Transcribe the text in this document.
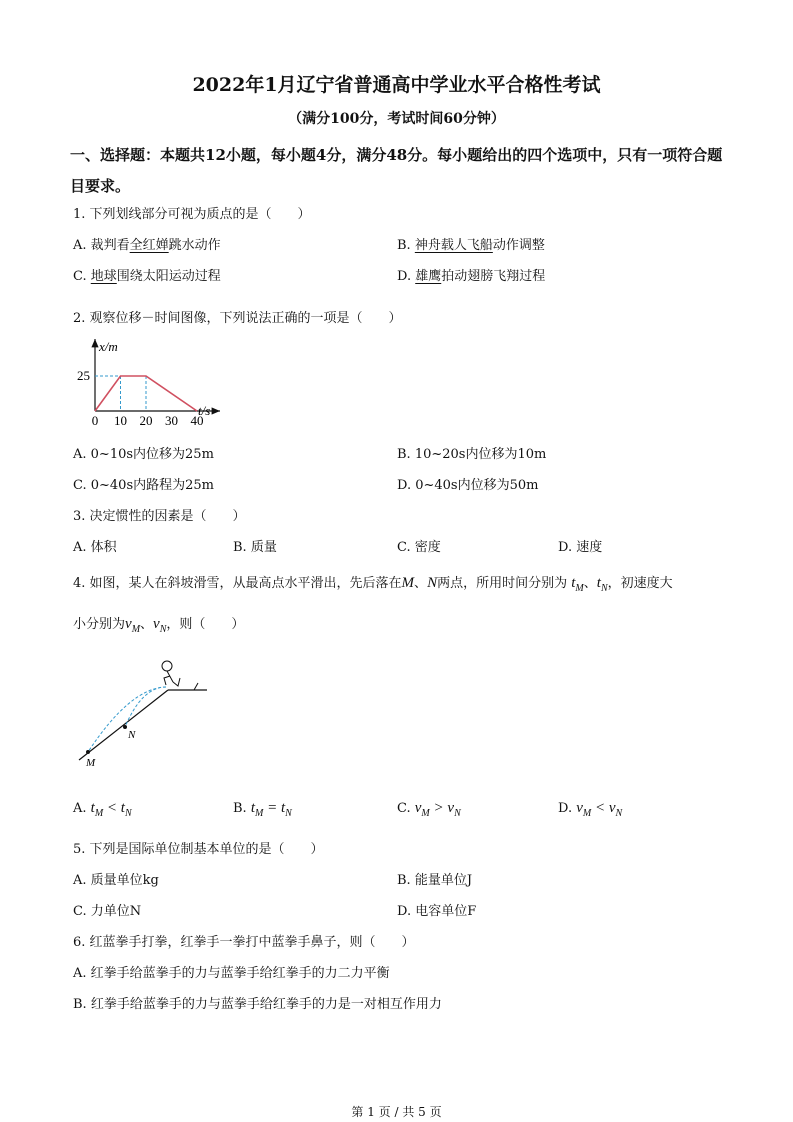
2022年1月辽宁省普通高中学业水平合格性考试
（满分100分，考试时间60分钟）
一、选择题：本题共12小题，每小题4分，满分48分。每小题给出的四个选项中，只有一项符合题目要求。
1. 下列划线部分可视为质点的是（　　）
A. 裁判看全红婵跳水动作	B. 神舟载人飞船动作调整
C. 地球围绕太阳运动过程	D. 雄鹰拍动翅膀飞翔过程
2. 观察位移－时间图像，下列说法正确的一项是（　　）
0 10 20 30 40
25
x/m
t/s
A. 0~10s内位移为25m	B. 10~20s内位移为10m
C. 0~40s内路程为25m	D. 0~40s内位移为50m
3. 决定惯性的因素是（　　）
A. 体积	B. 质量	C. 密度	D. 速度
4. 如图，某人在斜坡滑雪，从最高点水平滑出，先后落在M、N两点，所用时间分别为 $t_M$、$t_N$，初速度大
小分别为$v_M$、$v_N$，则（　　）
M
N
A. $t_M < t_N$	B. $t_M = t_N$	C. $v_M > v_N$	D. $v_M < v_N$
5. 下列是国际单位制基本单位的是（　　）
A. 质量单位kg	B. 能量单位J
C. 力单位N	D. 电容单位F
6. 红蓝拳手打拳，红拳手一拳打中蓝拳手鼻子，则（　　）
A. 红拳手给蓝拳手的力与蓝拳手给红拳手的力二力平衡
B. 红拳手给蓝拳手的力与蓝拳手给红拳手的力是一对相互作用力
第 1 页 / 共 5 页
